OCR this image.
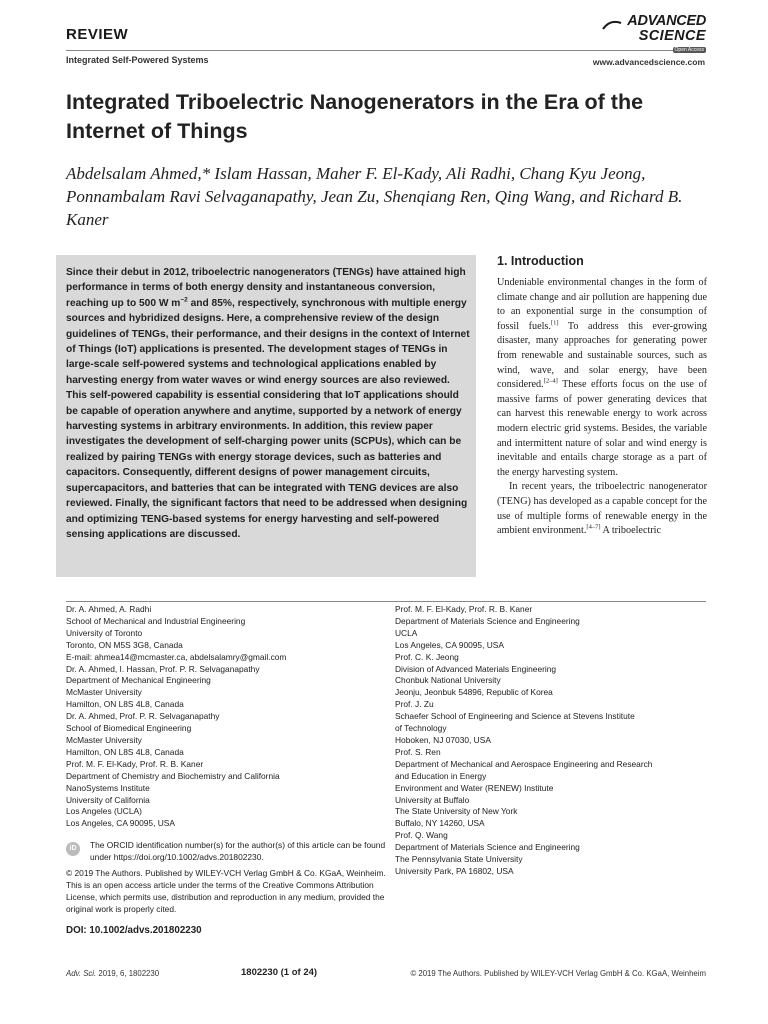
REVIEW
Integrated Self-Powered Systems	www.advancedscience.com
ADVANCED
SCIENCE
Open Access
Integrated Triboelectric Nanogenerators in the Era of the Internet of Things
Abdelsalam Ahmed,* Islam Hassan, Maher F. El-Kady, Ali Radhi, Chang Kyu Jeong, Ponnambalam Ravi Selvaganapathy, Jean Zu, Shenqiang Ren, Qing Wang, and Richard B. Kaner
Since their debut in 2012, triboelectric nanogenerators (TENGs) have attained high performance in terms of both energy density and instantaneous conversion, reaching up to 500 W $m^{-2}$ and 85%, respectively, synchronous with multiple energy sources and hybridized designs. Here, a comprehensive review of the design guidelines of TENGs, their performance, and their designs in the context of Internet of Things (IoT) applications is presented. The development stages of TENGs in large-scale self-powered systems and technological applications enabled by harvesting energy from water waves or wind energy sources are also reviewed. This self-powered capability is essential considering that IoT applications should be capable of operation anywhere and anytime, supported by a network of energy harvesting systems in arbitrary environments. In addition, this review paper investigates the development of self-charging power units (SCPUs), which can be realized by pairing TENGs with energy storage devices, such as batteries and capacitors. Consequently, different designs of power management circuits, supercapacitors, and batteries that can be integrated with TENG devices are also reviewed. Finally, the significant factors that need to be addressed when designing and optimizing TENG-based systems for energy harvesting and self-powered sensing applications are discussed.
1. Introduction

Undeniable environmental changes in the form of climate change and air pollution are happening due to an exponential surge in the consumption of fossil fuels.[1] To address this ever-growing disaster, many approaches for generating power from renewable and sustainable sources, such as wind, wave, and solar energy, have been considered.[2–4] These efforts focus on the use of massive farms of power generating devices that can harvest this renewable energy to work across modern electric grid systems. Besides, the variable and intermittent nature of solar and wind energy is inevitable and entails charge storage as a part of the energy harvesting system.

In recent years, the triboelectric nanogenerator (TENG) has developed as a capable concept for the use of multiple forms of renewable energy in the ambient environment.[4–7] A triboelectric

Dr. A. Ahmed, A. Radhi
School of Mechanical and Industrial Engineering
University of Toronto
Toronto, ON M5S 3G8, Canada
E-mail: ahmea14@mcmaster.ca, abdelsalamry@gmail.com
Dr. A. Ahmed, I. Hassan, Prof. P. R. Selvaganapathy
Department of Mechanical Engineering
McMaster University
Hamilton, ON L8S 4L8, Canada
Dr. A. Ahmed, Prof. P. R. Selvaganapathy
School of Biomedical Engineering
McMaster University
Hamilton, ON L8S 4L8, Canada
Prof. M. F. El-Kady, Prof. R. B. Kaner
Department of Chemistry and Biochemistry and California
NanoSystems Institute
University of California
Los Angeles (UCLA)
Los Angeles, CA 90095, USA
Prof. M. F. El-Kady, Prof. R. B. Kaner
Department of Materials Science and Engineering
UCLA
Los Angeles, CA 90095, USA
Prof. C. K. Jeong
Division of Advanced Materials Engineering
Chonbuk National University
Jeonju, Jeonbuk 54896, Republic of Korea
Prof. J. Zu
Schaefer School of Engineering and Science at Stevens Institute
of Technology
Hoboken, NJ 07030, USA
Prof. S. Ren
Department of Mechanical and Aerospace Engineering and Research
and Education in Energy
Environment and Water (RENEW) Institute
University at Buffalo
The State University of New York
Buffalo, NY 14260, USA
Prof. Q. Wang
Department of Materials Science and Engineering
The Pennsylvania State University
University Park, PA 16802, USA
iD	The ORCID identification number(s) for the author(s) of this article can be found under https://doi.org/10.1002/advs.201802230.
© 2019 The Authors. Published by WILEY-VCH Verlag GmbH & Co. KGaA, Weinheim. This is an open access article under the terms of the Creative Commons Attribution License, which permits use, distribution and reproduction in any medium, provided the original work is properly cited.
DOI: 10.1002/advs.201802230
Adv. Sci. 2019, 6, 1802230	1802230 (1 of 24)	© 2019 The Authors. Published by WILEY-VCH Verlag GmbH & Co. KGaA, Weinheim
